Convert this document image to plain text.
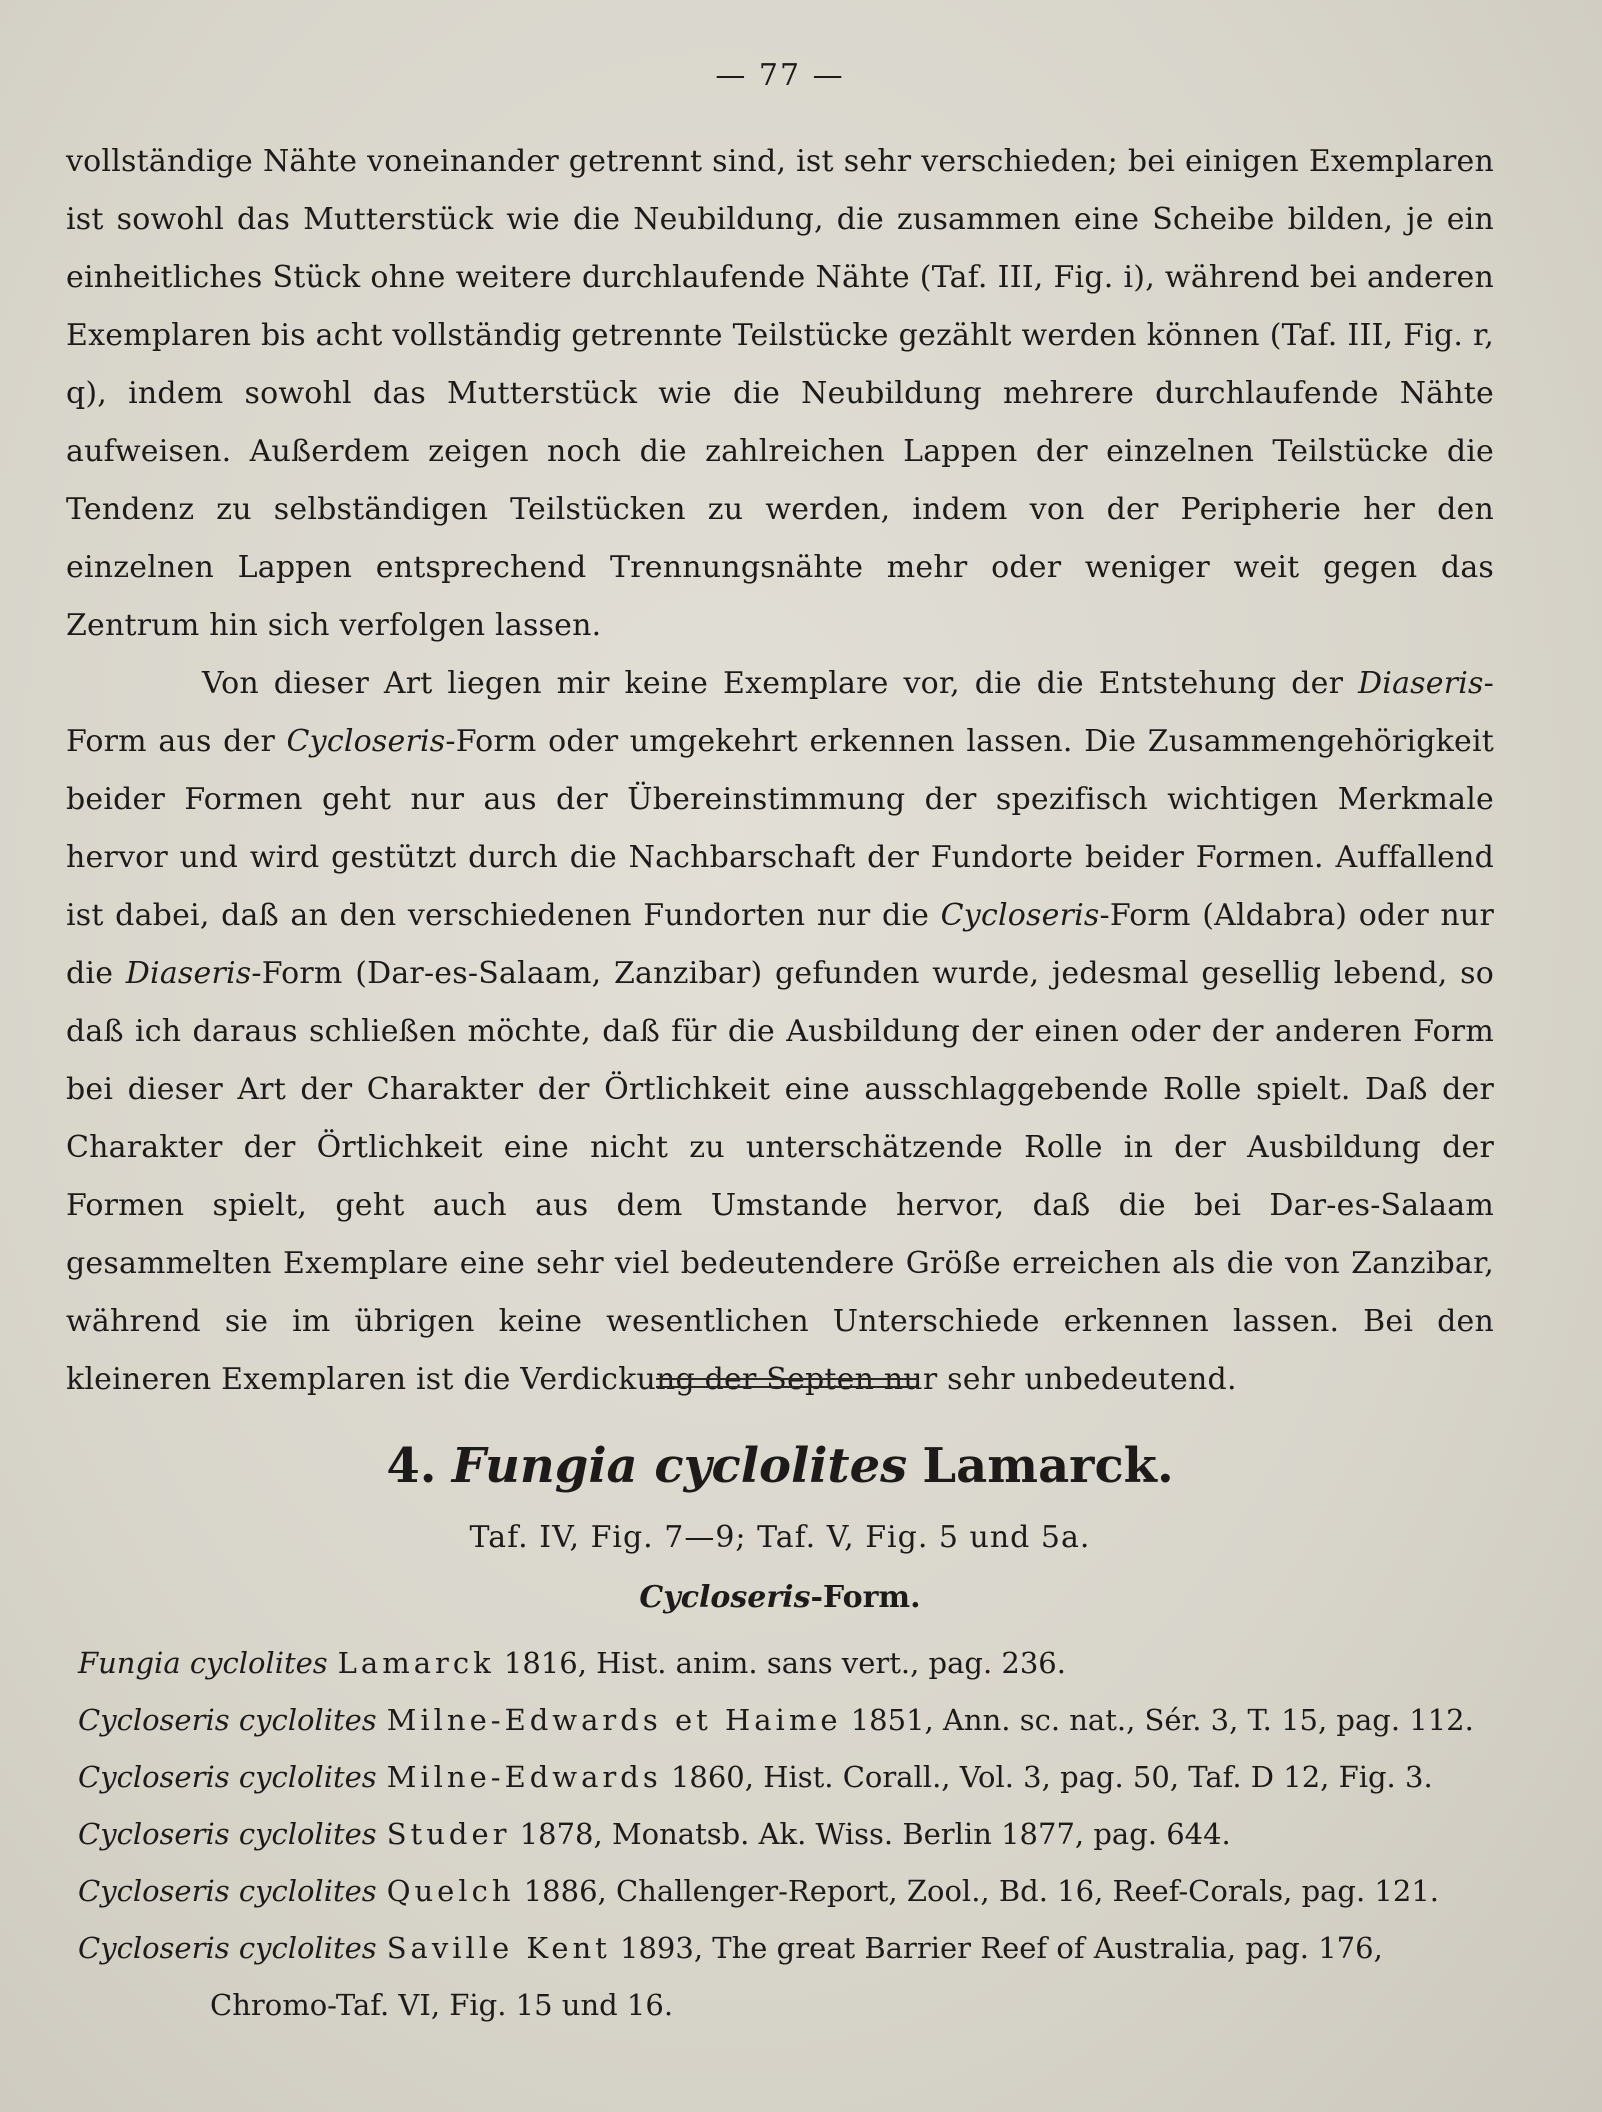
— 77 —

vollständige Nähte voneinander getrennt sind, ist sehr verschieden; bei einigen Exemplaren ist sowohl das Mutterstück wie die Neubildung, die zusammen eine Scheibe bilden, je ein einheitliches Stück ohne weitere durchlaufende Nähte (Taf. III, Fig. i), während bei anderen Exemplaren bis acht vollständig getrennte Teilstücke gezählt werden können (Taf. III, Fig. r, q), indem sowohl das Mutterstück wie die Neubildung mehrere durchlaufende Nähte aufweisen. Außerdem zeigen noch die zahlreichen Lappen der einzelnen Teilstücke die Tendenz zu selbständigen Teilstücken zu werden, indem von der Peripherie her den einzelnen Lappen entsprechend Trennungsnähte mehr oder weniger weit gegen das Zentrum hin sich verfolgen lassen.

Von dieser Art liegen mir keine Exemplare vor, die die Entstehung der Diaseris-Form aus der Cycloseris-Form oder umgekehrt erkennen lassen. Die Zusammengehörigkeit beider Formen geht nur aus der Übereinstimmung der spezifisch wichtigen Merkmale hervor und wird gestützt durch die Nachbarschaft der Fundorte beider Formen. Auffallend ist dabei, daß an den verschiedenen Fundorten nur die Cycloseris-Form (Aldabra) oder nur die Diaseris-Form (Dar-es-Salaam, Zanzibar) gefunden wurde, jedesmal gesellig lebend, so daß ich daraus schließen möchte, daß für die Ausbildung der einen oder der anderen Form bei dieser Art der Charakter der Örtlichkeit eine ausschlaggebende Rolle spielt. Daß der Charakter der Örtlichkeit eine nicht zu unterschätzende Rolle in der Ausbildung der Formen spielt, geht auch aus dem Umstande hervor, daß die bei Dar-es-Salaam gesammelten Exemplare eine sehr viel bedeutendere Größe erreichen als die von Zanzibar, während sie im übrigen keine wesentlichen Unterschiede erkennen lassen. Bei den kleineren Exemplaren ist die Verdickung der Septen nur sehr unbedeutend.

4. Fungia cyclolites Lamarck.
Taf. IV, Fig. 7—9; Taf. V, Fig. 5 und 5a.
Cycloseris-Form.
Fungia cyclolites Lamarck 1816, Hist. anim. sans vert., pag. 236.
Cycloseris cyclolites Milne-Edwards et Haime 1851, Ann. sc. nat., Sér. 3, T. 15, pag. 112.
Cycloseris cyclolites Milne-Edwards 1860, Hist. Corall., Vol. 3, pag. 50, Taf. D 12, Fig. 3.
Cycloseris cyclolites Studer 1878, Monatsb. Ak. Wiss. Berlin 1877, pag. 644.
Cycloseris cyclolites Quelch 1886, Challenger-Report, Zool., Bd. 16, Reef-Corals, pag. 121.
Cycloseris cyclolites Saville Kent 1893, The great Barrier Reef of Australia, pag. 176,
Chromo-Taf. VI, Fig. 15 und 16.
